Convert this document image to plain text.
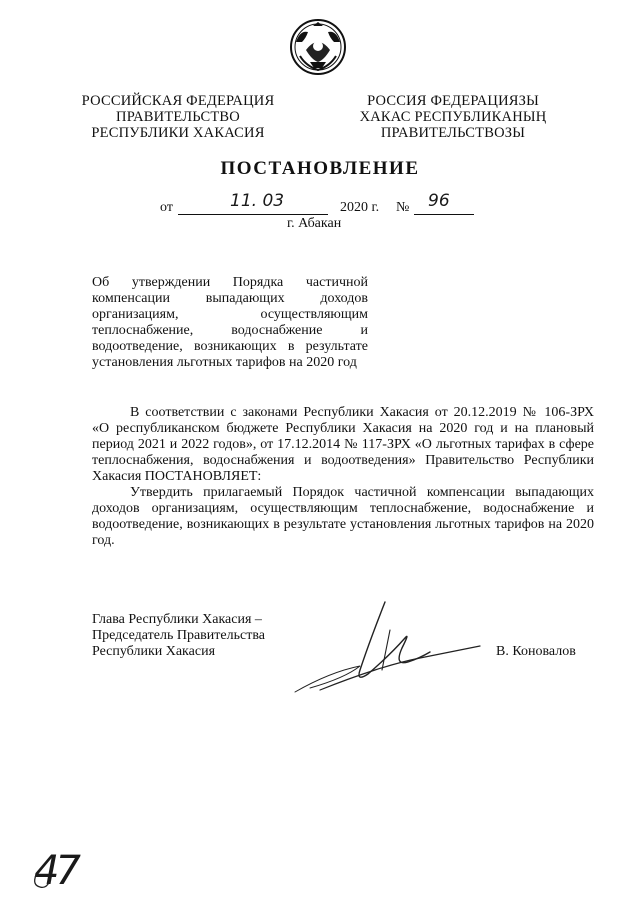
РОССИЙСКАЯ ФЕДЕРАЦИЯ
ПРАВИТЕЛЬСТВО
РЕСПУБЛИКИ ХАКАСИЯ
РОССИЯ ФЕДЕРАЦИЯЗЫ
ХАКАС РЕСПУБЛИКАНЫҢ
ПРАВИТЕЛЬСТВОЗЫ
ПОСТАНОВЛЕНИЕ
от	11. 03	2020 г. № 96
г. Абакан
Об утверждении Порядка частичной
компенсации выпадающих доходов
организациям, осуществляющим
теплоснабжение, водоснабжение и
водоотведение, возникающих в результате
установления льготных тарифов на 2020 год
В соответствии с законами Республики Хакасия от 20.12.2019 № 106-ЗРХ
«О республиканском бюджете Республики Хакасия на 2020 год и на плановый
период 2021 и 2022 годов», от 17.12.2014 № 117-ЗРХ «О льготных тарифах в сфере
теплоснабжения, водоснабжения и водоотведения» Правительство Республики
Хакасия ПОСТАНОВЛЯЕТ:
Утвердить прилагаемый Порядок частичной компенсации выпадающих
доходов организациям, осуществляющим теплоснабжение, водоснабжение и
водоотведение, возникающих в результате установления льготных тарифов на 2020
год.
Глава Республики Хакасия –
Председатель Правительства
Республики Хакасия	В. Коновалов
47
